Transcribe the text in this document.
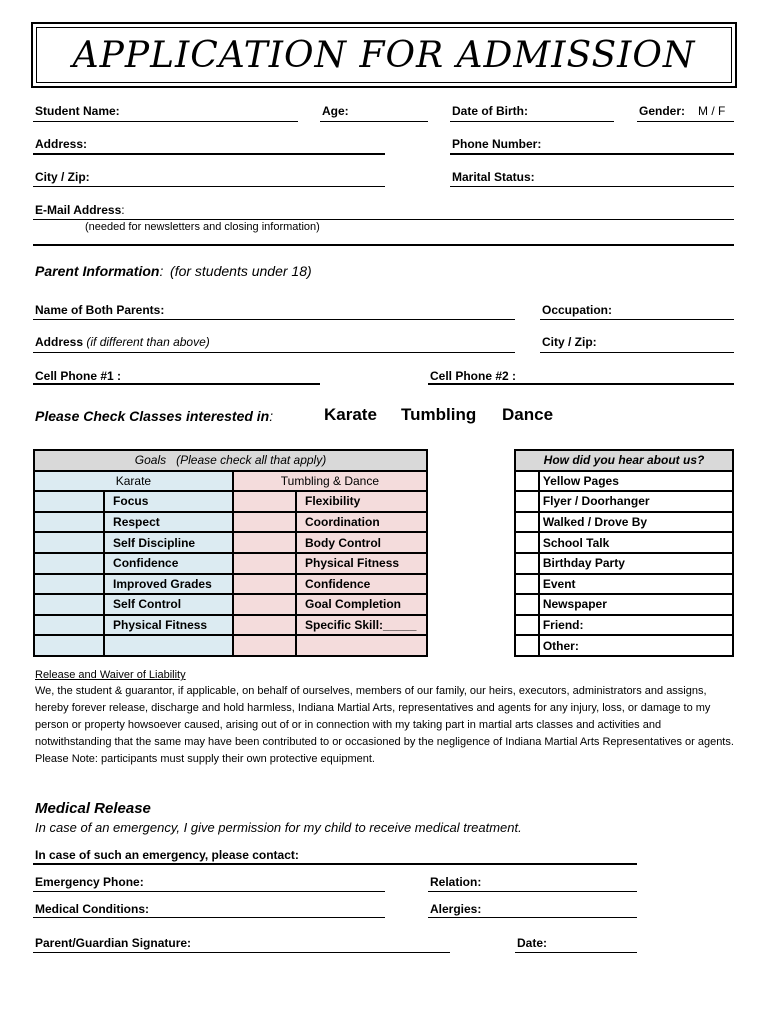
APPLICATION FOR ADMISSION
Student Name:	Age:	Date of Birth:	Gender: M / F
Address:	Phone Number:
City / Zip:	Marital Status:
E-Mail Address:
(needed for newsletters and closing information)
Parent Information: (for students under 18)
Name of Both Parents:	Occupation:
Address (if different than above)	City / Zip:
Cell Phone #1 :	Cell Phone #2 :
Please Check Classes interested in:	Karate Tumbling Dance
Goals (Please check all that apply)			
Karate		Tumbling & Dance	
	Focus		Flexibility
	Respect		Coordination
	Self Discipline		Body Control
	Confidence		Physical Fitness
	Improved Grades		Confidence
	Self Control		Goal Completion
	Physical Fitness		Specific Skill:_____

How did you hear about us?	
	Yellow Pages
	Flyer / Doorhanger
	Walked / Drove By
	School Talk
	Birthday Party
	Event
	Newspaper
	Friend:
	Other:
Release and Waiver of Liability
We, the student & guarantor, if applicable, on behalf of ourselves, members of our family, our heirs, executors, administrators and assigns, hereby forever release, discharge and hold harmless, Indiana Martial Arts, representatives and agents for any injury, loss, or damage to my person or property howsoever caused, arising out of or in connection with my taking part in martial arts classes and activities and notwithstanding that the same may have been contributed to or occasioned by the negligence of Indiana Martial Arts Representatives or agents.
Please Note: participants must supply their own protective equipment.
Medical Release
In case of an emergency, I give permission for my child to receive medical treatment.
In case of such an emergency, please contact:
Emergency Phone:	Relation:
Medical Conditions:	Alergies:
Parent/Guardian Signature:	Date:
